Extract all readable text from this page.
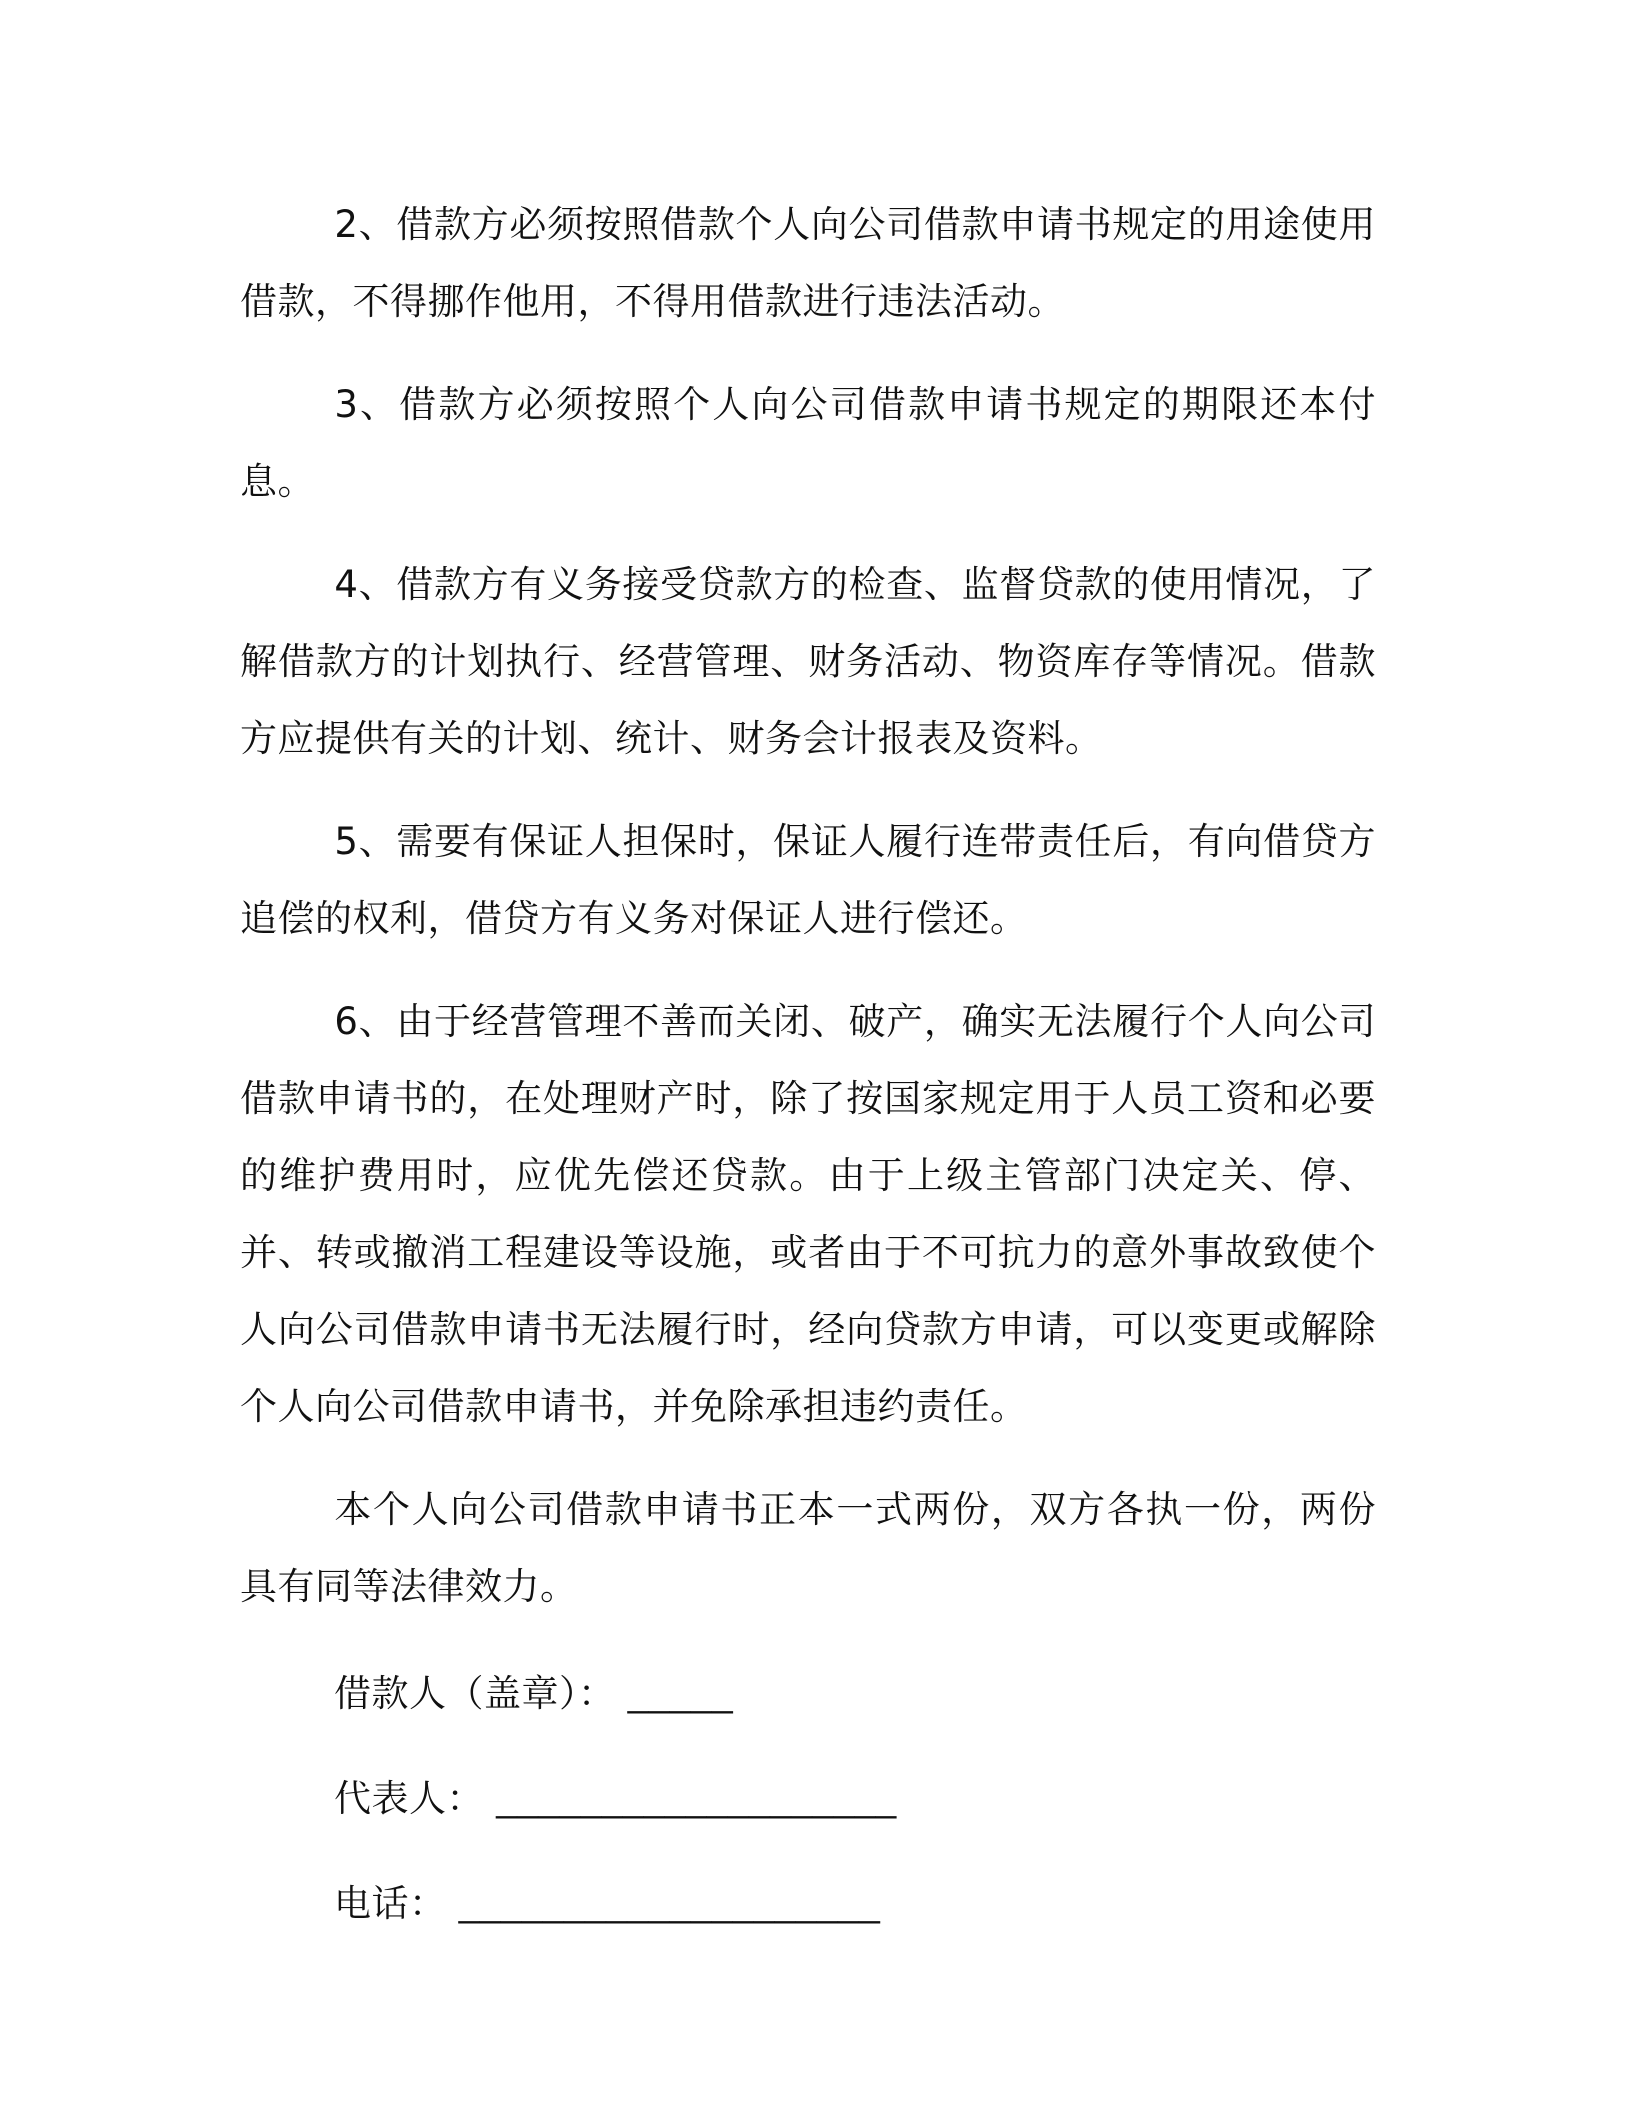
2、借款方必须按照借款个人向公司借款申请书规定的用途使用借款，不得挪作他用，不得用借款进行违法活动。

3、借款方必须按照个人向公司借款申请书规定的期限还本付息。

4、借款方有义务接受贷款方的检查、监督贷款的使用情况，了解借款方的计划执行、经营管理、财务活动、物资库存等情况。借款方应提供有关的计划、统计、财务会计报表及资料。

5、需要有保证人担保时，保证人履行连带责任后，有向借贷方追偿的权利，借贷方有义务对保证人进行偿还。

6、由于经营管理不善而关闭、破产，确实无法履行个人向公司借款申请书的，在处理财产时，除了按国家规定用于人员工资和必要的维护费用时，应优先偿还贷款。由于上级主管部门决定关、停、并、转或撤消工程建设等设施，或者由于不可抗力的意外事故致使个人向公司借款申请书无法履行时，经向贷款方申请，可以变更或解除个人向公司借款申请书，并免除承担违约责任。

本个人向公司借款申请书正本一式两份，双方各执一份，两份具有同等法律效力。

借款人（盖章）： _____

代表人： ___________________

电话： ____________________
